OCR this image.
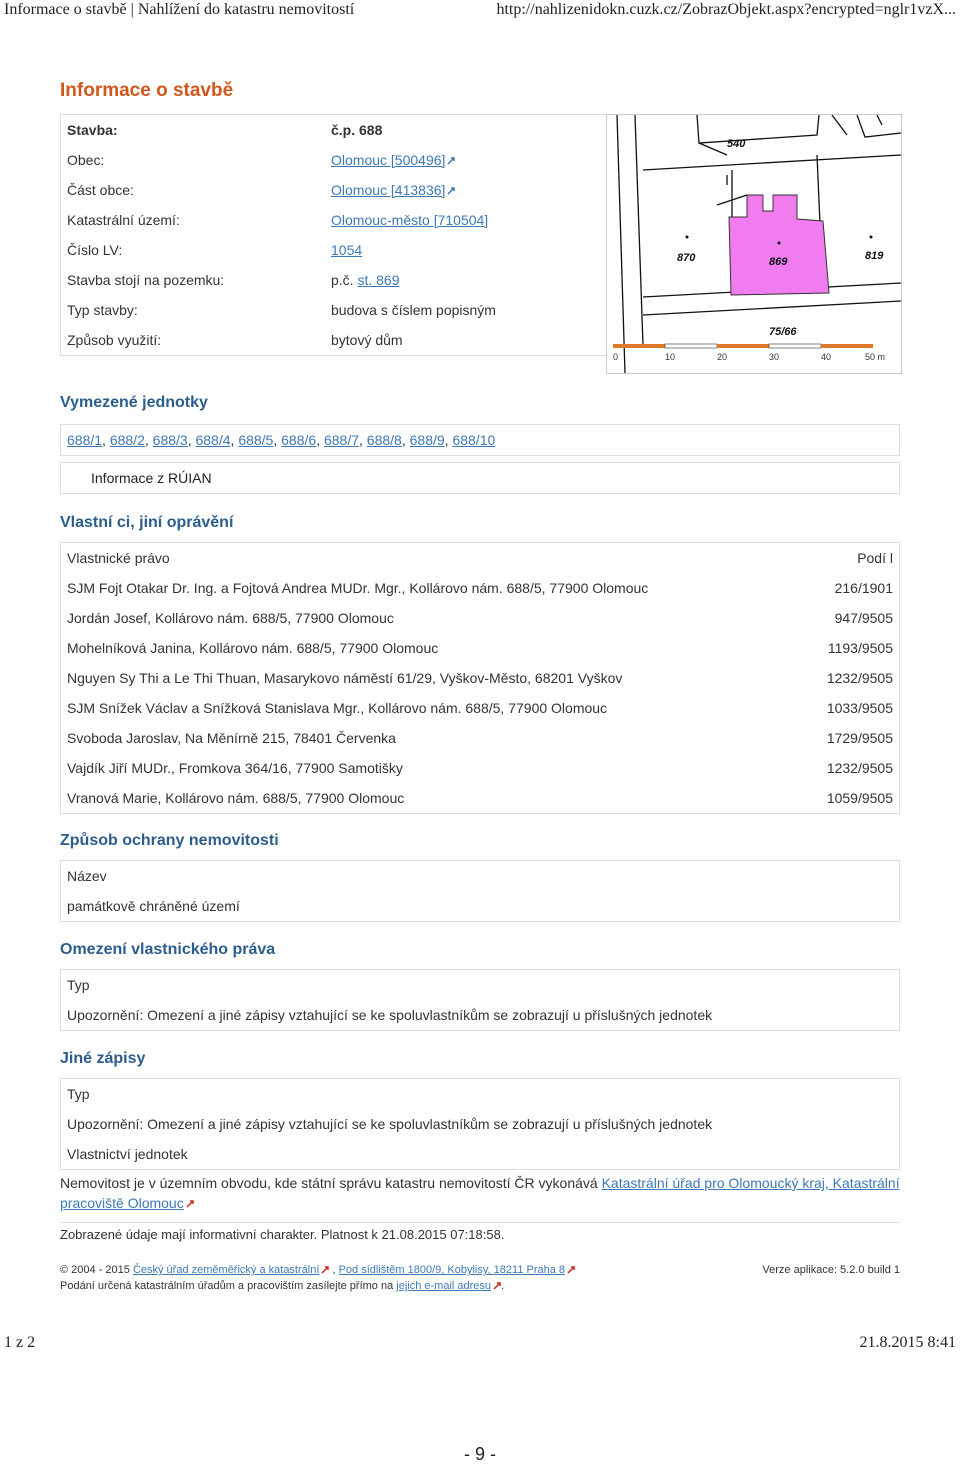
Informace o stavbě | Nahlížení do katastru nemovitostí	http://nahlizenidokn.cuzk.cz/ZobrazObjekt.aspx?encrypted=nglr1vzX...
Informace o stavbě
Stavba:	č.p. 688
Obec:	Olomouc [500496]
Část obce:	Olomouc [413836]
Katastrální území:	Olomouc-město [710504]
Číslo LV:	1054
Stavba stojí na pozemku:	p.č. st. 869
Typ stavby:	budova s číslem popisným
Způsob využití:	bytový dům
540
870	869	819
75/66
0	10	20	30	40	50 m
Vymezené jednotky
688/1, 688/2, 688/3, 688/4, 688/5, 688/6, 688/7, 688/8, 688/9, 688/10
Informace z RÚIAN
Vlastní ci, jiní oprávění
Vlastnické právo	Podí l
SJM Fojt Otakar Dr. Ing. a Fojtová Andrea MUDr. Mgr., Kollárovo nám. 688/5, 77900 Olomouc	216/1901
Jordán Josef, Kollárovo nám. 688/5, 77900 Olomouc	947/9505
Mohelníková Janina, Kollárovo nám. 688/5, 77900 Olomouc	1193/9505
Nguyen Sy Thi a Le Thi Thuan, Masarykovo náměstí 61/29, Vyškov-Město, 68201 Vyškov	1232/9505
SJM Snížek Václav a Snížková Stanislava Mgr., Kollárovo nám. 688/5, 77900 Olomouc	1033/9505
Svoboda Jaroslav, Na Měnírně 215, 78401 Červenka	1729/9505
Vajdík Jiří MUDr., Fromkova 364/16, 77900 Samotišky	1232/9505
Vranová Marie, Kollárovo nám. 688/5, 77900 Olomouc	1059/9505
Způsob ochrany nemovitosti
Název
památkově chráněné území
Omezení vlastnického práva
Typ
Upozornění: Omezení a jiné zápisy vztahující se ke spoluvlastníkům se zobrazují u příslušných jednotek
Jiné zápisy
Typ
Upozornění: Omezení a jiné zápisy vztahující se ke spoluvlastníkům se zobrazují u příslušných jednotek
Vlastnictví jednotek
Nemovitost je v územním obvodu, kde státní správu katastru nemovitostí ČR vykonává Katastrální úřad pro Olomoucký kraj, Katastrální pracoviště Olomouc
Zobrazené údaje mají informativní charakter. Platnost k 21.08.2015 07:18:58.
© 2004 - 2015 Český úřad zeměměřický a katastrální , Pod sídlištěm 1800/9, Kobylisy, 18211 Praha 8
Podání určená katastrálním úřadům a pracovištím zasílejte přímo na jejich e-mail adresu .
Verze aplikace: 5.2.0 build 1
1 z 2	21.8.2015 8:41
- 9 -
